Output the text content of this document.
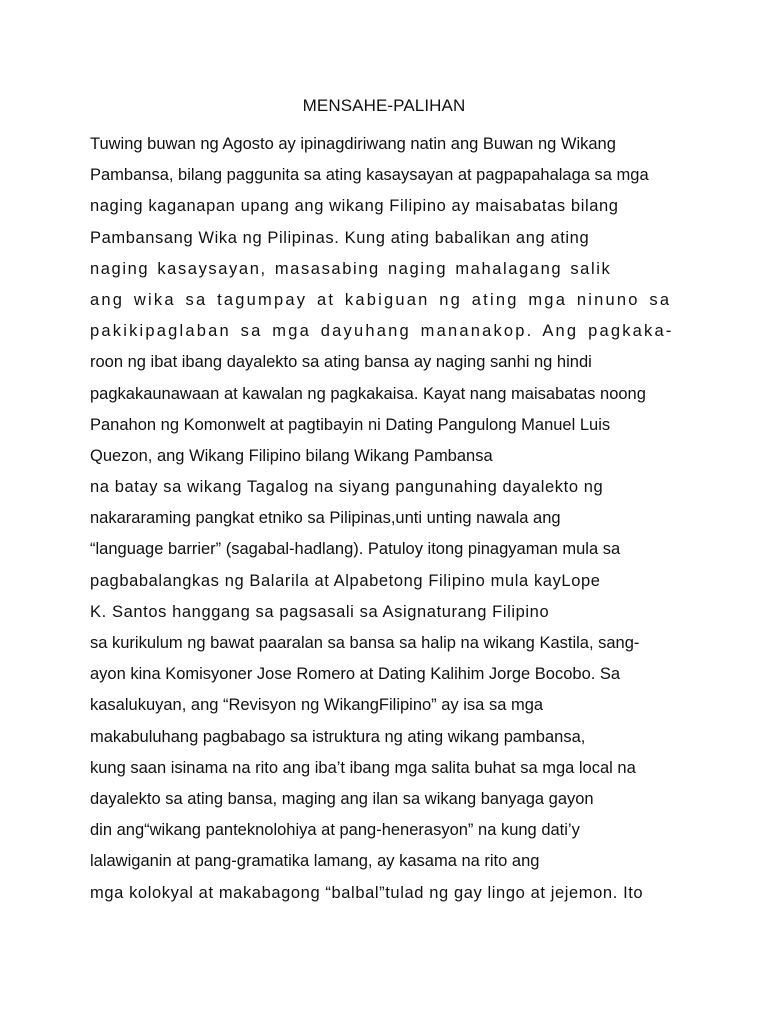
MENSAHE-PALIHAN
Tuwing buwan ng Agosto ay ipinagdiriwang natin ang Buwan ng Wikang
Pambansa, bilang paggunita sa ating kasaysayan at pagpapahalaga sa mga
naging kaganapan upang ang wikang Filipino ay maisabatas bilang
Pambansang Wika ng Pilipinas. Kung ating babalikan ang ating
naging kasaysayan, masasabing naging mahalagang salik
ang wika sa tagumpay at kabiguan ng ating mga ninuno sa
pakikipaglaban sa mga dayuhang mananakop. Ang pagkaka-
roon ng ibat ibang dayalekto sa ating bansa ay naging sanhi ng hindi
pagkakaunawaan at kawalan ng pagkakaisa. Kayat nang maisabatas noong
Panahon ng Komonwelt at pagtibayin ni Dating Pangulong Manuel Luis
Quezon, ang Wikang Filipino bilang Wikang Pambansa
na batay sa wikang Tagalog na siyang pangunahing dayalekto ng
nakararaming pangkat etniko sa Pilipinas,unti unting nawala ang
“language barrier” (sagabal-hadlang). Patuloy itong pinagyaman mula sa
pagbabalangkas ng Balarila at Alpabetong Filipino mula kayLope
K. Santos hanggang sa pagsasali sa Asignaturang Filipino
sa kurikulum ng bawat paaralan sa bansa sa halip na wikang Kastila, sang-
ayon kina Komisyoner Jose Romero at Dating Kalihim Jorge Bocobo. Sa
kasalukuyan, ang “Revisyon ng WikangFilipino” ay isa sa mga
makabuluhang pagbabago sa istruktura ng ating wikang pambansa,
kung saan isinama na rito ang iba’t ibang mga salita buhat sa mga local na
dayalekto sa ating bansa, maging ang ilan sa wikang banyaga gayon
din ang“wikang panteknolohiya at pang-henerasyon” na kung dati’y
lalawiganin at pang-gramatika lamang, ay kasama na rito ang
mga kolokyal at makabagong “balbal”tulad ng gay lingo at jejemon. Ito
